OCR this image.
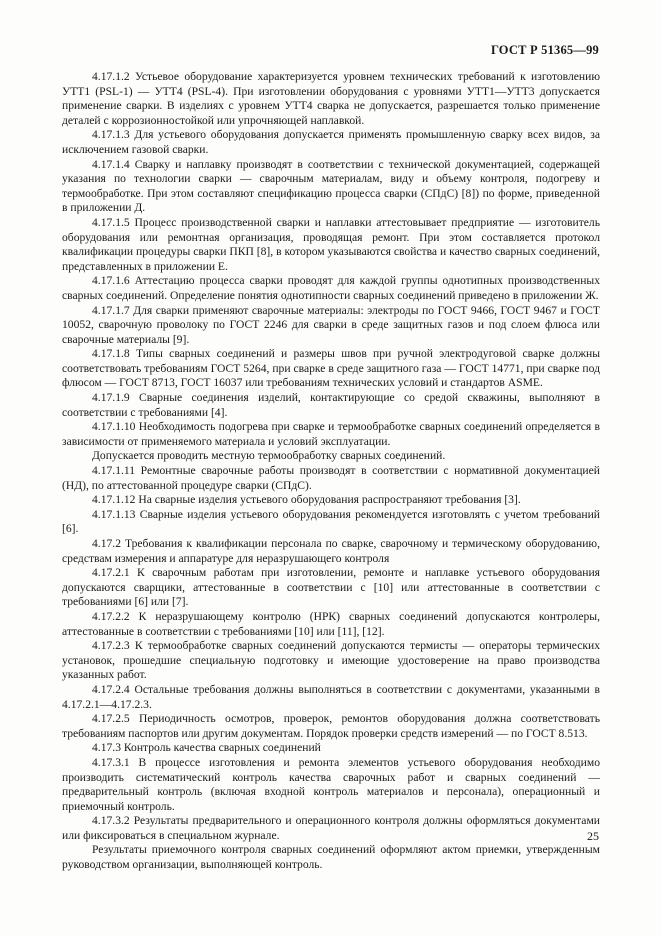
ГОСТ Р 51365—99

4.17.1.2 Устьевое оборудование характеризуется уровнем технических требований к изготовлению УТТ1 (PSL-1) — УТТ4 (PSL-4). При изготовлении оборудования с уровнями УТТ1—УТТ3 допускается применение сварки. В изделиях с уровнем УТТ4 сварка не допускается, разрешается только применение деталей с коррозионностойкой или упрочняющей наплавкой.

4.17.1.3 Для устьевого оборудования допускается применять промышленную сварку всех видов, за исключением газовой сварки.

4.17.1.4 Сварку и наплавку производят в соответствии с технической документацией, содержащей указания по технологии сварки — сварочным материалам, виду и объему контроля, подогреву и термообработке. При этом составляют спецификацию процесса сварки (СПдС) [8]) по форме, приведенной в приложении Д.

4.17.1.5 Процесс производственной сварки и наплавки аттестовывает предприятие — изготовитель оборудования или ремонтная организация, проводящая ремонт. При этом составляется протокол квалификации процедуры сварки ПКП [8], в котором указываются свойства и качество сварных соединений, представленных в приложении Е.

4.17.1.6 Аттестацию процесса сварки проводят для каждой группы однотипных производственных сварных соединений. Определение понятия однотипности сварных соединений приведено в приложении Ж.

4.17.1.7 Для сварки применяют сварочные материалы: электроды по ГОСТ 9466, ГОСТ 9467 и ГОСТ 10052, сварочную проволоку по ГОСТ 2246 для сварки в среде защитных газов и под слоем флюса или сварочные материалы [9].

4.17.1.8 Типы сварных соединений и размеры швов при ручной электродуговой сварке должны соответствовать требованиям ГОСТ 5264, при сварке в среде защитного газа — ГОСТ 14771, при сварке под флюсом — ГОСТ 8713, ГОСТ 16037 или требованиям технических условий и стандартов ASME.

4.17.1.9 Сварные соединения изделий, контактирующие со средой скважины, выполняют в соответствии с требованиями [4].

4.17.1.10 Необходимость подогрева при сварке и термообработке сварных соединений определяется в зависимости от применяемого материала и условий эксплуатации.

Допускается проводить местную термообработку сварных соединений.

4.17.1.11 Ремонтные сварочные работы производят в соответствии с нормативной документацией (НД), по аттестованной процедуре сварки (СПдС).

4.17.1.12 На сварные изделия устьевого оборудования распространяют требования [3].

4.17.1.13 Сварные изделия устьевого оборудования рекомендуется изготовлять с учетом требований [6].

4.17.2 Требования к квалификации персонала по сварке, сварочному и термическому оборудованию, средствам измерения и аппаратуре для неразрушающего контроля

4.17.2.1 К сварочным работам при изготовлении, ремонте и наплавке устьевого оборудования допускаются сварщики, аттестованные в соответствии с [10] или аттестованные в соответствии с требованиями [6] или [7].

4.17.2.2 К неразрушающему контролю (НРК) сварных соединений допускаются контролеры, аттестованные в соответствии с требованиями [10] или [11], [12].

4.17.2.3 К термообработке сварных соединений допускаются термисты — операторы термических установок, прошедшие специальную подготовку и имеющие удостоверение на право производства указанных работ.

4.17.2.4 Остальные требования должны выполняться в соответствии с документами, указанными в 4.17.2.1—4.17.2.3.

4.17.2.5 Периодичность осмотров, проверок, ремонтов оборудования должна соответствовать требованиям паспортов или другим документам. Порядок проверки средств измерений — по ГОСТ 8.513.

4.17.3 Контроль качества сварных соединений

4.17.3.1 В процессе изготовления и ремонта элементов устьевого оборудования необходимо производить систематический контроль качества сварочных работ и сварных соединений — предварительный контроль (включая входной контроль материалов и персонала), операционный и приемочный контроль.

4.17.3.2 Результаты предварительного и операционного контроля должны оформляться документами или фиксироваться в специальном журнале.

Результаты приемочного контроля сварных соединений оформляют актом приемки, утвержденным руководством организации, выполняющей контроль.

25
